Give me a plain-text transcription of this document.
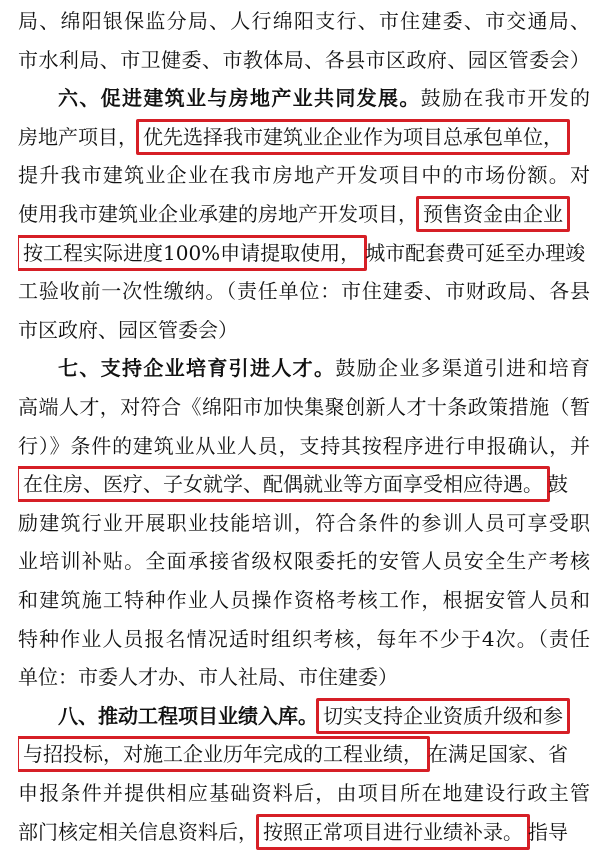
局、绵阳银保监分局、人行绵阳支行、市住建委、市交通局、
市水利局、市卫健委、市教体局、各县市区政府、园区管委会）
六、促进建筑业与房地产业共同发展。鼓励在我市开发的
房地产项目， 优先选择我市建筑业企业作为项目总承包单位，
提升我市建筑业企业在我市房地产开发项目中的市场份额。对
使用我市建筑业企业承建的房地产开发项目， 预售资金由企业
按工程实际进度100%申请提取使用， 城市配套费可延至办理竣
工验收前一次性缴纳。（责任单位：市住建委、市财政局、各县
市区政府、园区管委会）
七、支持企业培育引进人才。鼓励企业多渠道引进和培育
高端人才，对符合《绵阳市加快集聚创新人才十条政策措施（暂
行）》条件的建筑业从业人员，支持其按程序进行申报确认，并
在住房、医疗、子女就学、配偶就业等方面享受相应待遇。 鼓
励建筑行业开展职业技能培训，符合条件的参训人员可享受职
业培训补贴。全面承接省级权限委托的安管人员安全生产考核
和建筑施工特种作业人员操作资格考核工作，根据安管人员和
特种作业人员报名情况适时组织考核，每年不少于4次。（责任
单位：市委人才办、市人社局、市住建委）
八、推动工程项目业绩入库。 切实支持企业资质升级和参
与招投标，对施工企业历年完成的工程业绩， 在满足国家、省
申报条件并提供相应基础资料后，由项目所在地建设行政主管
部门核定相关信息资料后， 按照正常项目进行业绩补录。 指导
